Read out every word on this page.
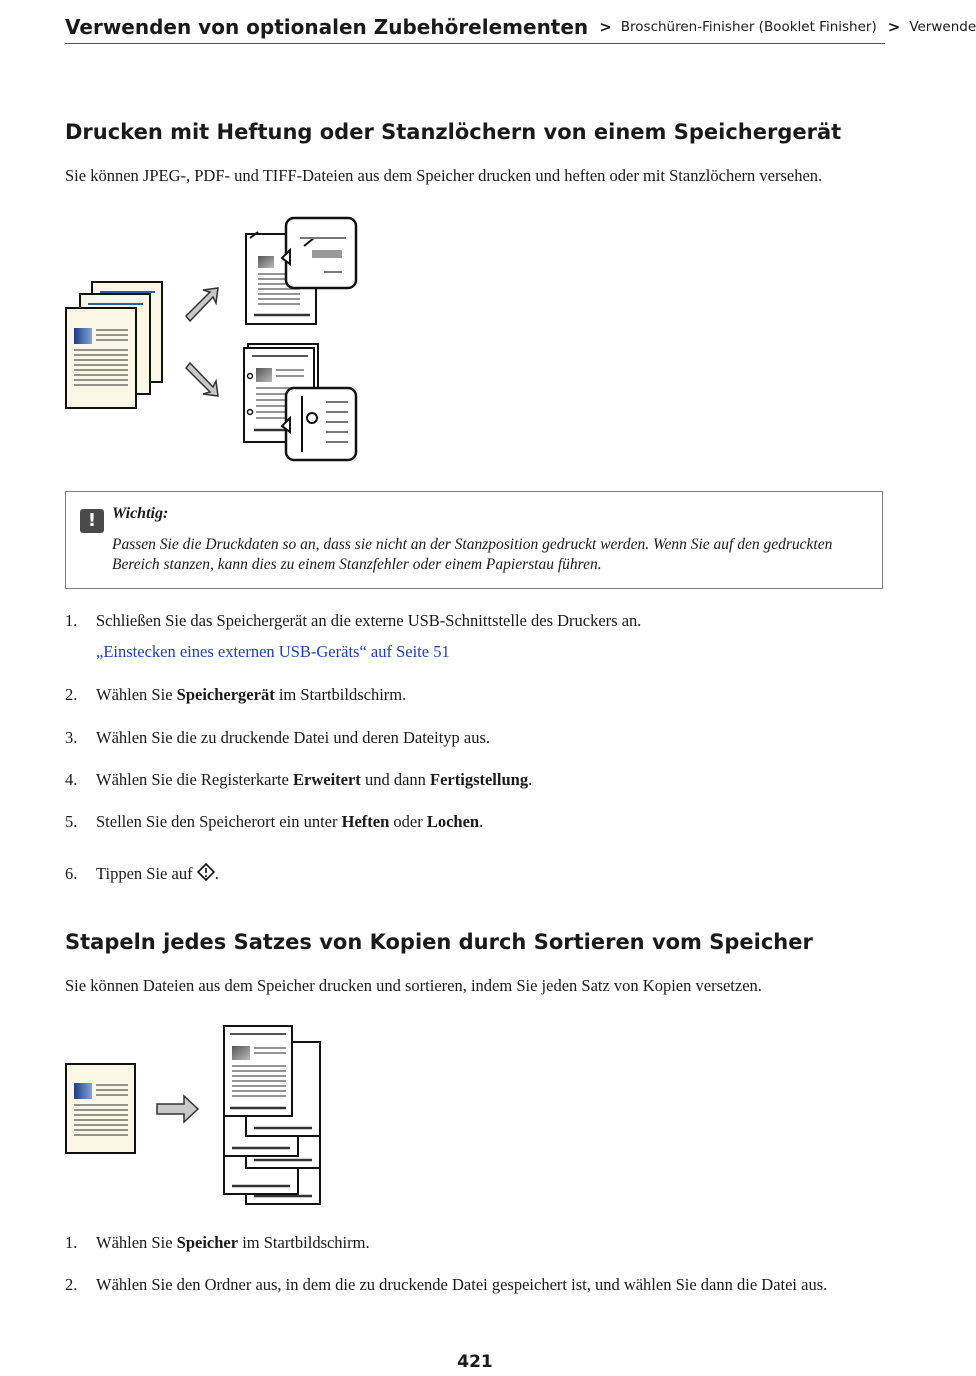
Verwenden von optionalen Zubehörelementen > Broschüren-Finisher (Booklet Finisher) > Verwende
Drucken mit Heftung oder Stanzlöchern von einem Speichergerät
Sie können JPEG-, PDF- und TIFF-Dateien aus dem Speicher drucken und heften oder mit Stanzlöchern versehen.
! Wichtig:
Passen Sie die Druckdaten so an, dass sie nicht an der Stanzposition gedruckt werden. Wenn Sie auf den gedruckten
Bereich stanzen, kann dies zu einem Stanzfehler oder einem Papierstau führen.
1. Schließen Sie das Speichergerät an die externe USB-Schnittstelle des Druckers an.
„Einstecken eines externen USB-Geräts“ auf Seite 51
2. Wählen Sie Speichergerät im Startbildschirm.
3. Wählen Sie die zu druckende Datei und deren Dateityp aus.
4. Wählen Sie die Registerkarte Erweitert und dann Fertigstellung.
5. Stellen Sie den Speicherort ein unter Heften oder Lochen.
6. Tippen Sie auf .
Stapeln jedes Satzes von Kopien durch Sortieren vom Speicher
Sie können Dateien aus dem Speicher drucken und sortieren, indem Sie jeden Satz von Kopien versetzen.
1. Wählen Sie Speicher im Startbildschirm.
2. Wählen Sie den Ordner aus, in dem die zu druckende Datei gespeichert ist, und wählen Sie dann die Datei aus.
421
